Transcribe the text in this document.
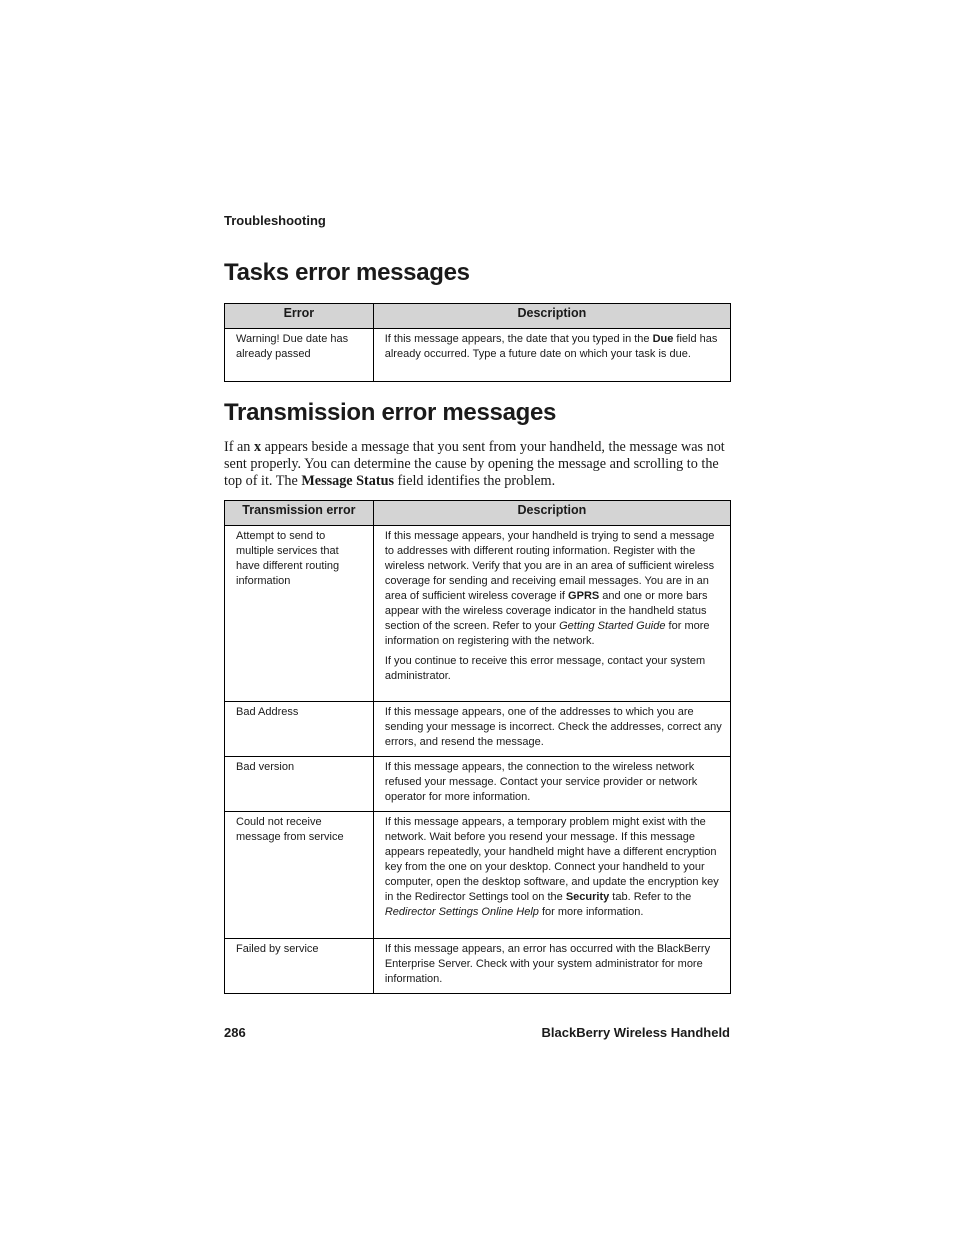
Troubleshooting
Tasks error messages
Error	Description
Warning! Due date has already passed	If this message appears, the date that you typed in the Due field has already occurred. Type a future date on which your task is due.
Transmission error messages

If an x appears beside a message that you sent from your handheld, the message was not sent properly. You can determine the cause by opening the message and scrolling to the top of it. The Message Status field identifies the problem.

Transmission error	Description
Attempt to send to multiple services that have different routing information	If this message appears, your handheld is trying to send a message to addresses with different routing information. Register with the wireless network. Verify that you are in an area of sufficient wireless coverage for sending and receiving email messages. You are in an area of sufficient wireless coverage if GPRS and one or more bars appear with the wireless coverage indicator in the handheld status section of the screen. Refer to your Getting Started Guide for more information on registering with the network.

If you continue to receive this error message, contact your system administrator.

Bad Address	If this message appears, one of the addresses to which you are sending your message is incorrect. Check the addresses, correct any errors, and resend the message.
Bad version	If this message appears, the connection to the wireless network refused your message. Contact your service provider or network operator for more information.
Could not receive message from service	If this message appears, a temporary problem might exist with the network. Wait before you resend your message. If this message appears repeatedly, your handheld might have a different encryption key from the one on your desktop. Connect your handheld to your computer, open the desktop software, and update the encryption key in the Redirector Settings tool on the Security tab. Refer to the Redirector Settings Online Help for more information.
Failed by service	If this message appears, an error has occurred with the BlackBerry Enterprise Server. Check with your system administrator for more information.
286	BlackBerry Wireless Handheld
